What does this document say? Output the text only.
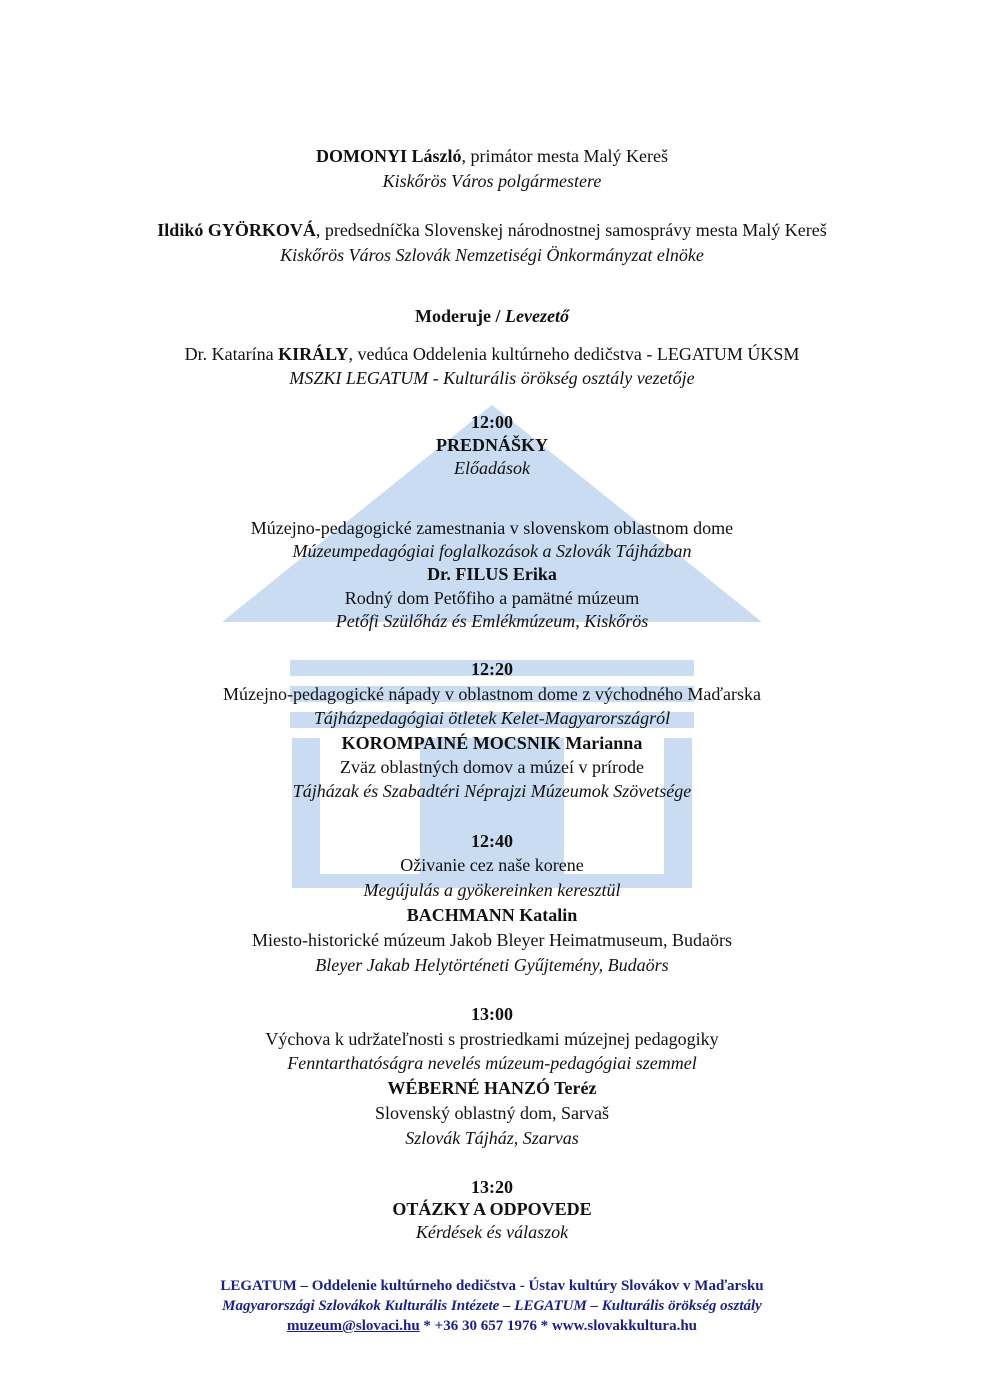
DOMONYI László, primátor mesta Malý Kereš
Kiskőrös Város polgármestere
Ildikó GYÖRKOVÁ, predsedníčka Slovenskej národnostnej samosprávy mesta Malý Kereš
Kiskőrös Város Szlovák Nemzetiségi Önkormányzat elnöke
Moderuje / Levezető
Dr. Katarína KIRÁLY, vedúca Oddelenia kultúrneho dedičstva - LEGATUM ÚKSM
MSZKI LEGATUM - Kulturális örökség osztály vezetője
12:00
PREDNÁŠKY
Előadások
Múzejno-pedagogické zamestnania v slovenskom oblastnom dome
Múzeumpedagógiai foglalkozások a Szlovák Tájházban
Dr. FILUS Erika
Rodný dom Petőfiho a pamätné múzeum
Petőfi Szülőház és Emlékmúzeum, Kiskőrös
12:20
Múzejno-pedagogické nápady v oblastnom dome z východného Maďarska
Tájházpedagógiai ötletek Kelet-Magyarországról
KOROMPAINÉ MOCSNIK Marianna
Zväz oblastných domov a múzeí v prírode
Tájházak és Szabadtéri Néprajzi Múzeumok Szövetsége
12:40
Oživanie cez naše korene
Megújulás a gyökereinken keresztül
BACHMANN Katalin
Miesto-historické múzeum Jakob Bleyer Heimatmuseum, Budaörs
Bleyer Jakab Helytörténeti Gyűjtemény, Budaörs
13:00
Výchova k udržateľnosti s prostriedkami múzejnej pedagogiky
Fenntarthatóságra nevelés múzeum-pedagógiai szemmel
WÉBERNÉ HANZÓ Teréz
Slovenský oblastný dom, Sarvaš
Szlovák Tájház, Szarvas
13:20
OTÁZKY A ODPOVEDE
Kérdések és válaszok
LEGATUM – Oddelenie kultúrneho dedičstva - Ústav kultúry Slovákov v Maďarsku
Magyarországi Szlovákok Kulturális Intézete – LEGATUM – Kulturális örökség osztály
muzeum@slovaci.hu * +36 30 657 1976 * www.slovakkultura.hu
